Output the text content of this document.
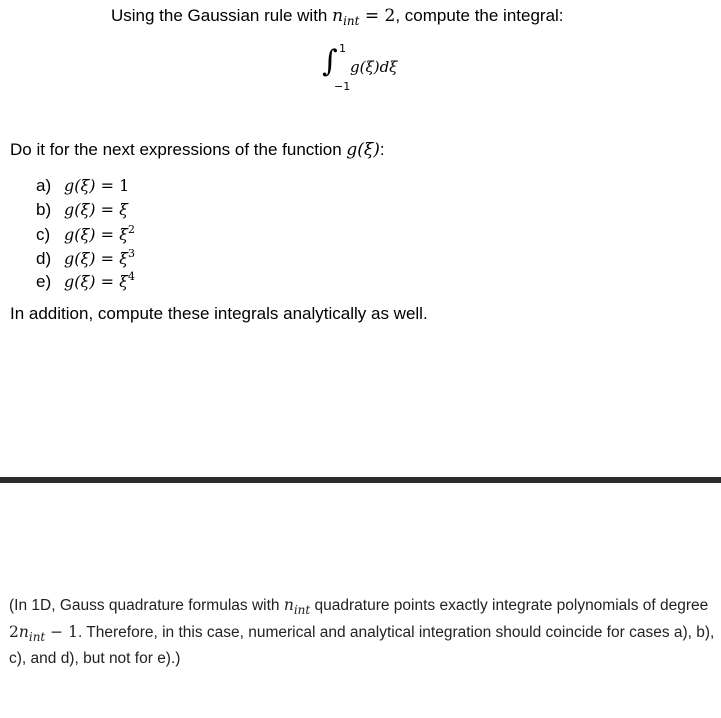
Using the Gaussian rule with $n_{int} = 2$, compute the integral:
∫ 1
−1
g(ξ)dξ
Do it for the next expressions of the function g(ξ):
a) g(ξ) = 1
b) g(ξ) = ξ
c) $g(\xi) = \xi^2$
d) $g(\xi) = \xi^3$
e) $g(\xi) = \xi^4$
In addition, compute these integrals analytically as well.
(In 1D, Gauss quadrature formulas with $n_{int}$ quadrature points exactly integrate polynomials of degree $2n_{int} - 1$. Therefore, in this case, numerical and analytical integration should coincide for cases a), b), c), and d), but not for e).)
